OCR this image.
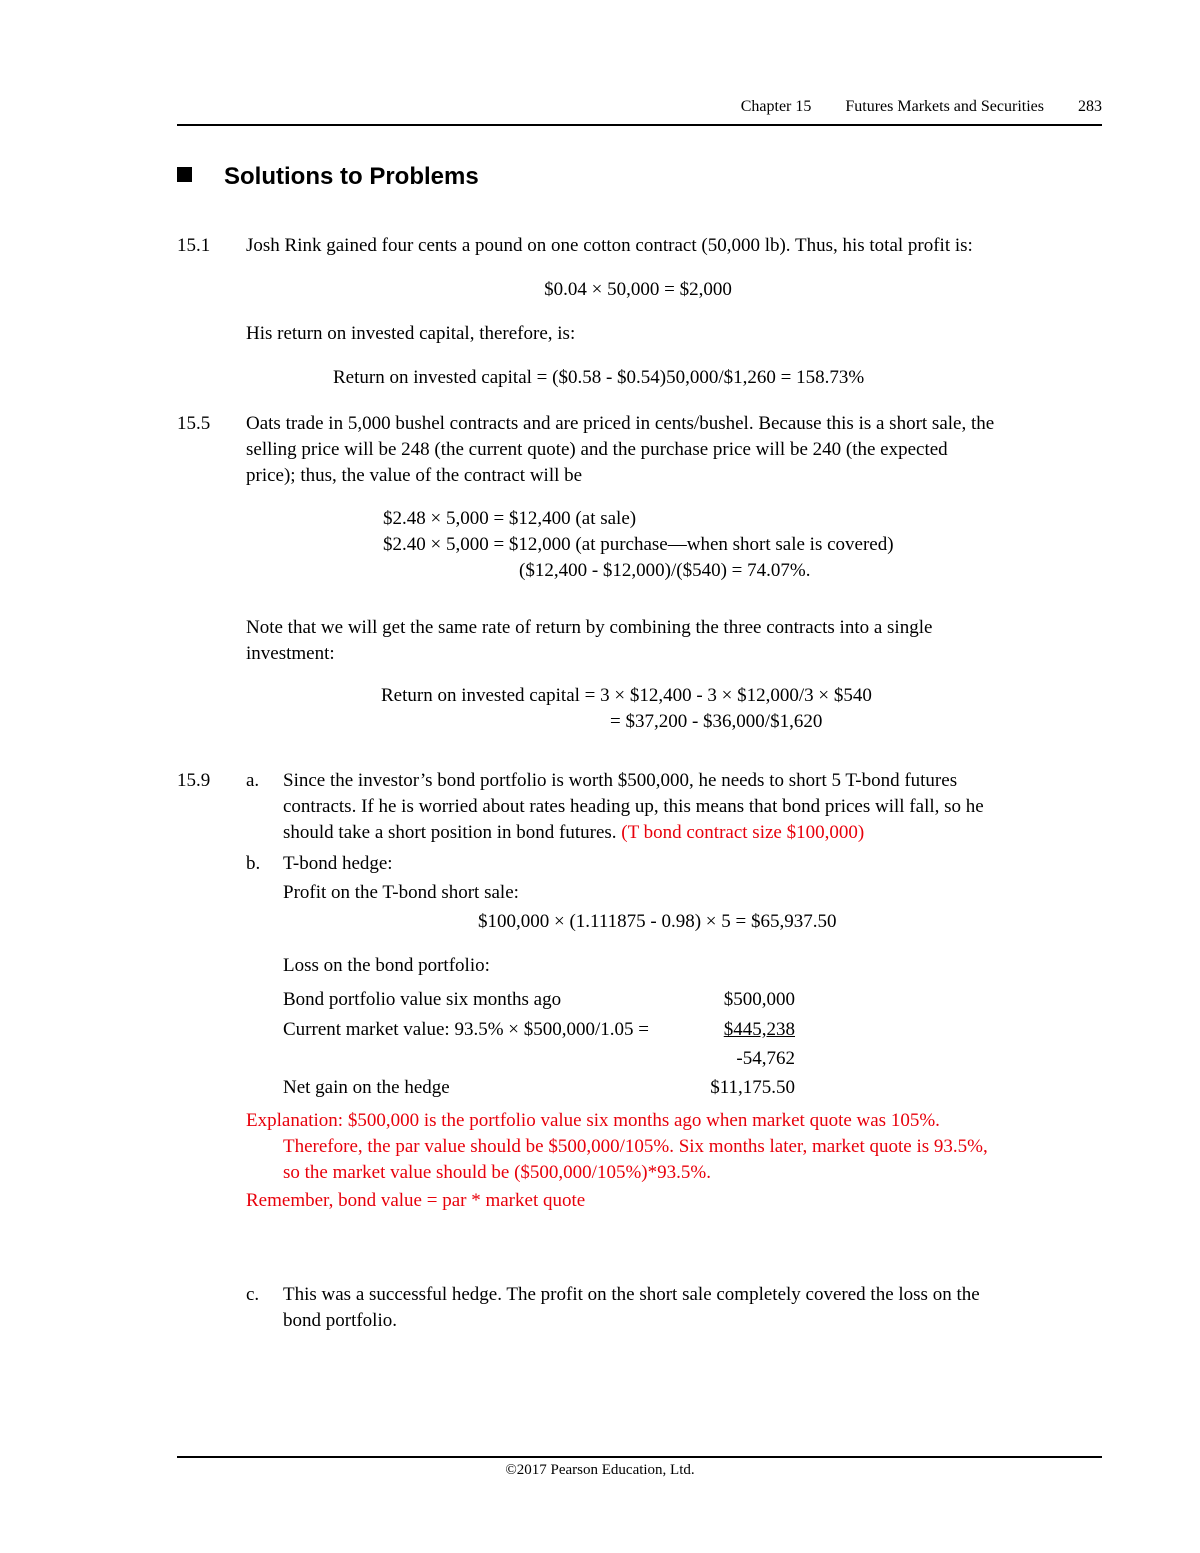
Chapter 15 Futures Markets and Securities 283
Solutions to Problems
15.1 Josh Rink gained four cents a pound on one cotton contract (50,000 lb). Thus, his total profit is:
$0.04 × 50,000 = $2,000
His return on invested capital, therefore, is:
Return on invested capital = ($0.58 - $0.54)50,000/$1,260 = 158.73%
15.5 Oats trade in 5,000 bushel contracts and are priced in cents/bushel. Because this is a short sale, the
selling price will be 248 (the current quote) and the purchase price will be 240 (the expected
price); thus, the value of the contract will be
$2.48 × 5,000 = $12,400 (at sale)
$2.40 × 5,000 = $12,000 (at purchase—when short sale is covered)
($12,400 - $12,000)/($540) = 74.07%.
Note that we will get the same rate of return by combining the three contracts into a single
investment:
Return on invested capital = 3 × $12,400 - 3 × $12,000/3 × $540
= $37,200 - $36,000/$1,620
15.9 a. Since the investor’s bond portfolio is worth $500,000, he needs to short 5 T-bond futures
contracts. If he is worried about rates heading up, this means that bond prices will fall, so he
should take a short position in bond futures. (T bond contract size $100,000)
b. T-bond hedge:
Profit on the T-bond short sale:
$100,000 × (1.111875 - 0.98) × 5 = $65,937.50
Loss on the bond portfolio:
Bond portfolio value six months ago	$500,000
Current market value: 93.5% × $500,000/1.05 =	$445,238
-54,762
Net gain on the hedge	$11,175.50
Explanation: $500,000 is the portfolio value six months ago when market quote was 105%.
Therefore, the par value should be $500,000/105%. Six months later, market quote is 93.5%,
so the market value should be ($500,000/105%)*93.5%.
Remember, bond value = par * market quote
c. This was a successful hedge. The profit on the short sale completely covered the loss on the
bond portfolio.
©2017 Pearson Education, Ltd.
